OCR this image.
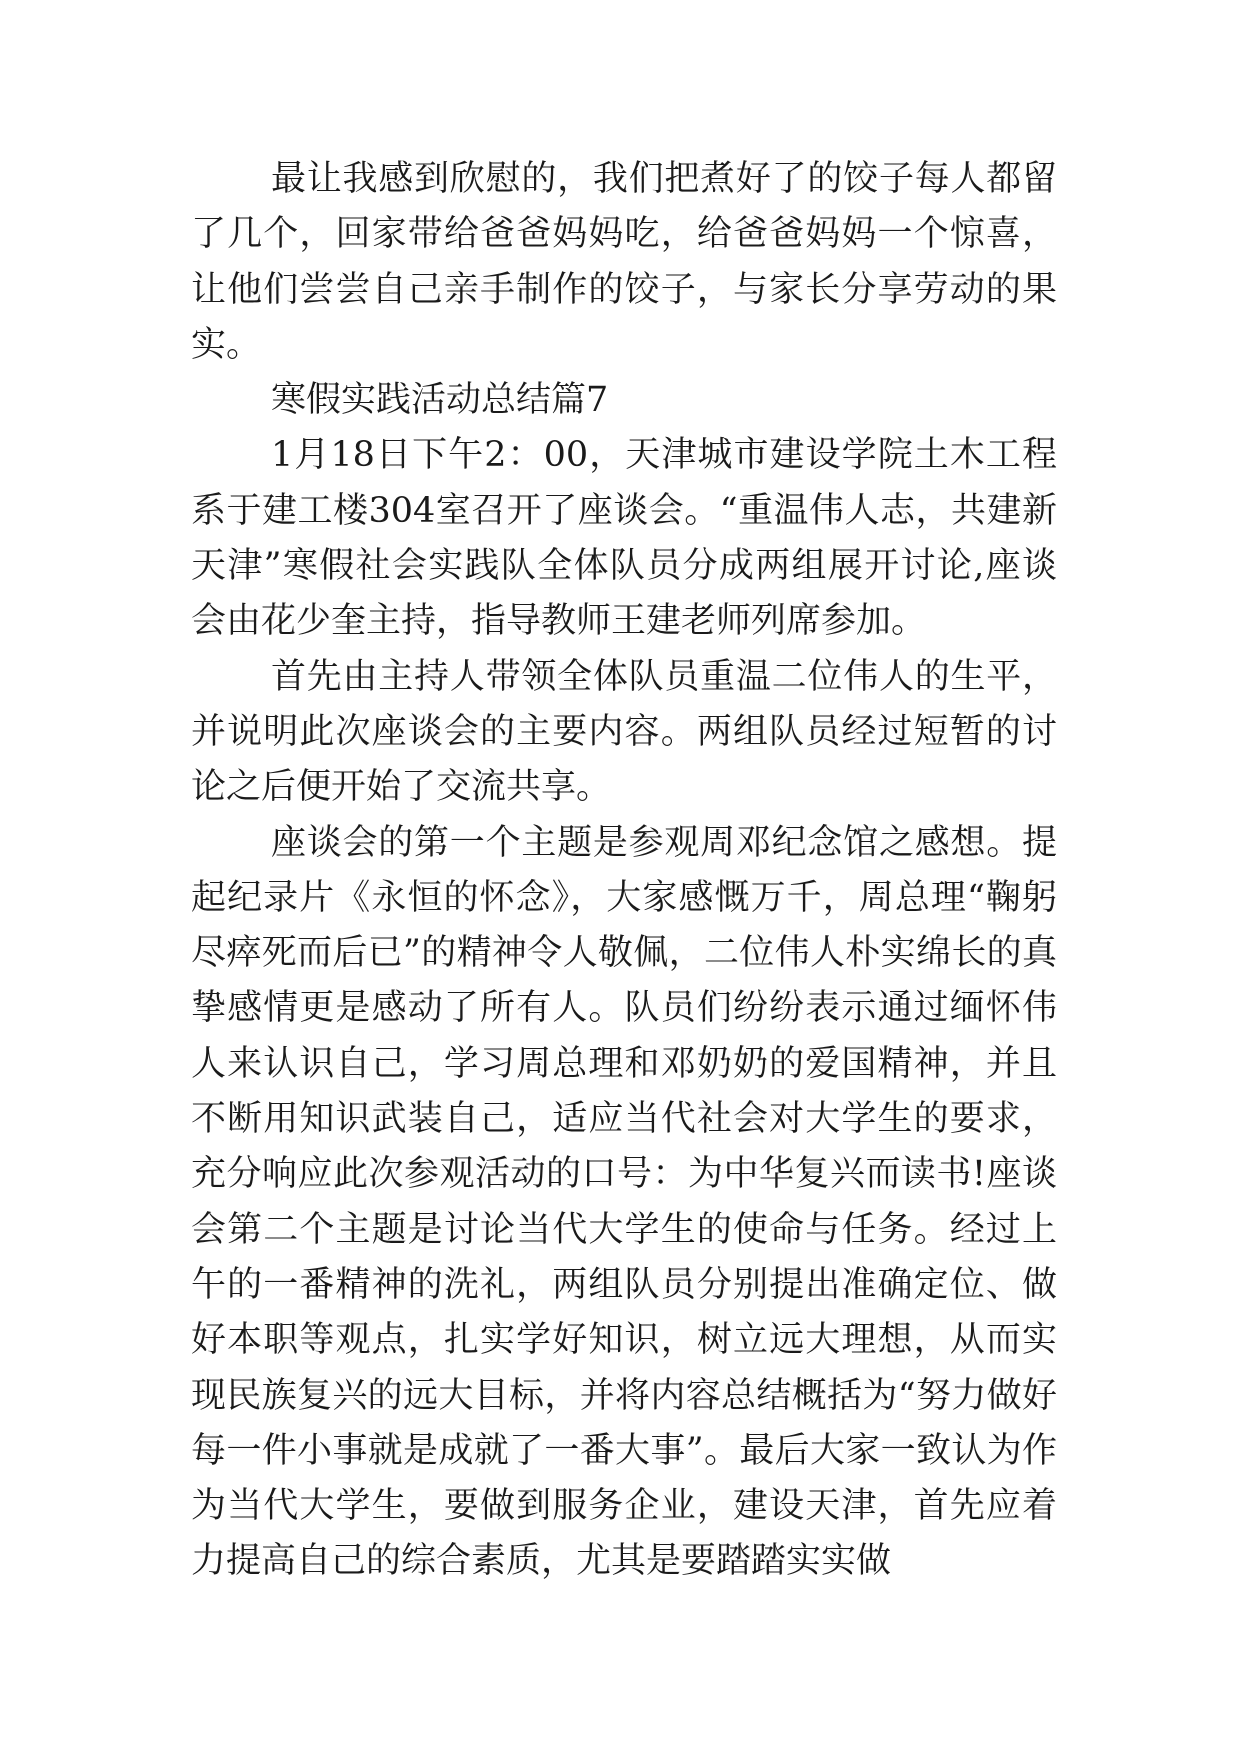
最让我感到欣慰的，我们把煮好了的饺子每人都留了几个，回家带给爸爸妈妈吃，给爸爸妈妈一个惊喜，让他们尝尝自己亲手制作的饺子，与家长分享劳动的果实。

寒假实践活动总结篇7

1月18日下午2：00，天津城市建设学院土木工程系于建工楼304室召开了座谈会。“重温伟人志，共建新天津”寒假社会实践队全体队员分成两组展开讨论,座谈会由花少奎主持，指导教师王建老师列席参加。

首先由主持人带领全体队员重温二位伟人的生平，并说明此次座谈会的主要内容。两组队员经过短暂的讨论之后便开始了交流共享。

座谈会的第一个主题是参观周邓纪念馆之感想。提起纪录片《永恒的怀念》，大家感慨万千，周总理“鞠躬尽瘁死而后已”的精神令人敬佩，二位伟人朴实绵长的真挚感情更是感动了所有人。队员们纷纷表示通过缅怀伟人来认识自己，学习周总理和邓奶奶的爱国精神，并且不断用知识武装自己，适应当代社会对大学生的要求，充分响应此次参观活动的口号：为中华复兴而读书!座谈会第二个主题是讨论当代大学生的使命与任务。经过上午的一番精神的洗礼，两组队员分别提出准确定位、做好本职等观点，扎实学好知识，树立远大理想，从而实现民族复兴的远大目标，并将内容总结概括为“努力做好每一件小事就是成就了一番大事”。最后大家一致认为作为当代大学生，要做到服务企业，建设天津，首先应着力提高自己的综合素质，尤其是要踏踏实实做
